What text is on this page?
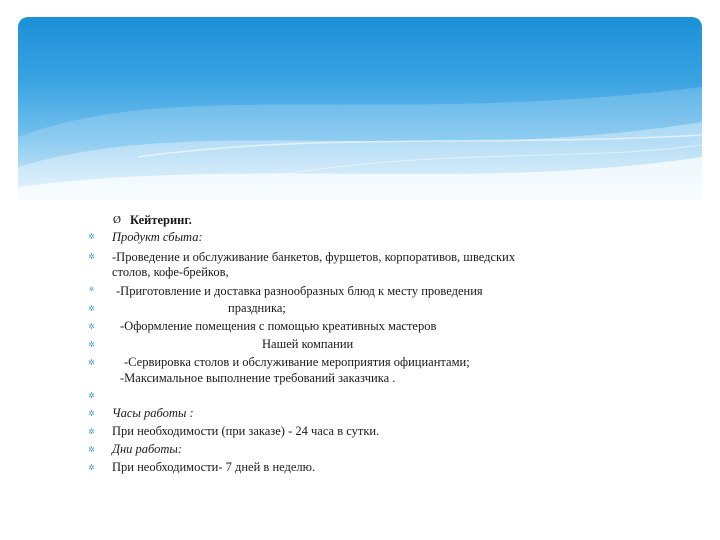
Ø Кейтеринг.
✲ Продукт сбыта:
✲ -Проведение и обслуживание банкетов, фуршетов, корпоративов, шведских
столов, кофе-брейков,
✲ -Приготовление и доставка разнообразных блюд к месту проведения
✲	праздника;
✲ -Оформление помещения с помощью креативных мастеров
✲	Нашей компании
✲ -Сервировка столов и обслуживание мероприятия официантами;
-Максимальное выполнение требований заказчика .
✲
✲ Часы работы :
✲ При необходимости (при заказе) - 24 часа в сутки.
✲ Дни работы:
✲ При необходимости- 7 дней в неделю.
